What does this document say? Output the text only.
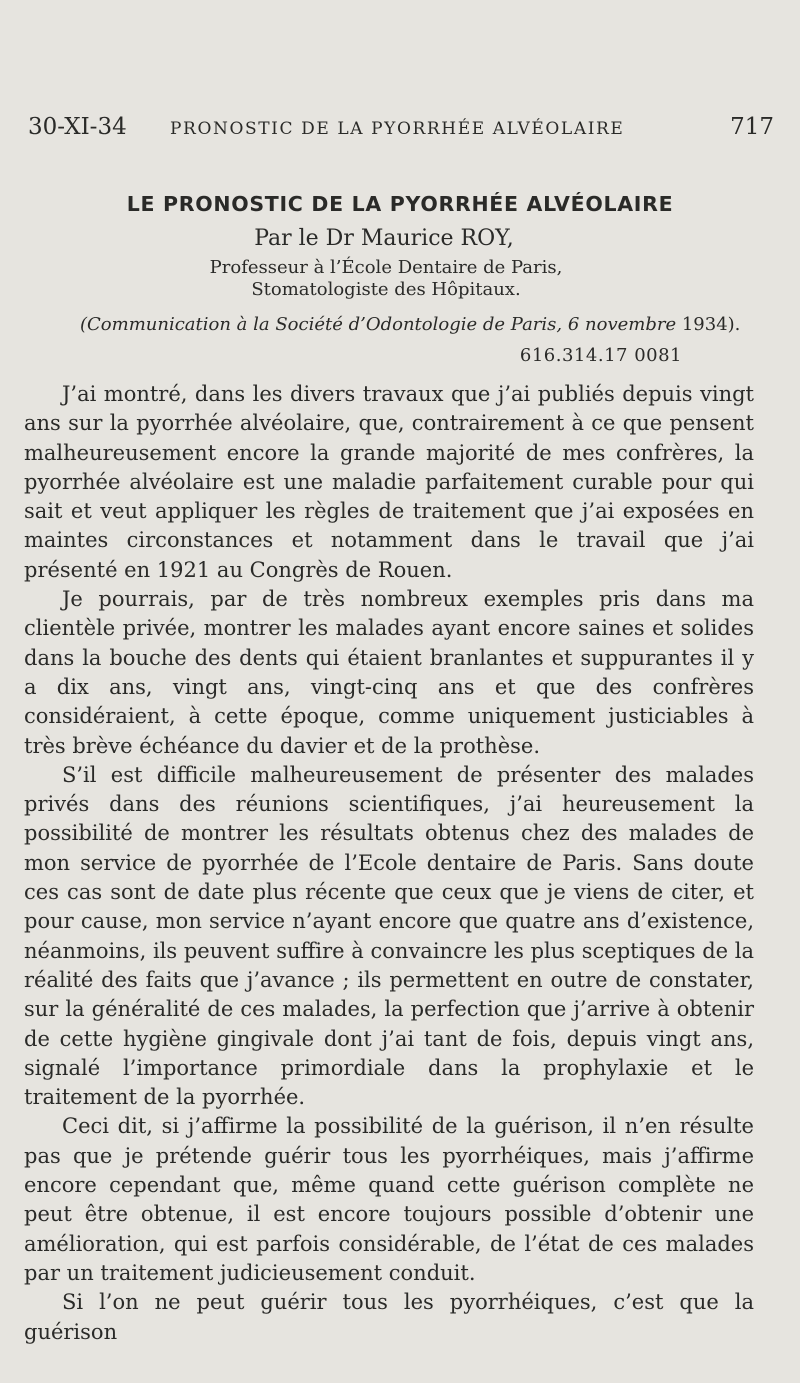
30-XI-34	PRONOSTIC DE LA PYORRHÉE ALVÉOLAIRE	717
LE PRONOSTIC DE LA PYORRHÉE ALVÉOLAIRE
Par le Dr Maurice ROY,
Professeur à l’École Dentaire de Paris,
Stomatologiste des Hôpitaux.
(Communication à la Société d’Odontologie de Paris, 6 novembre 1934).
616.314.17 0081

J’ai montré, dans les divers travaux que j’ai publiés depuis vingt ans sur la pyorrhée alvéolaire, que, contrairement à ce que pensent malheureusement encore la grande majorité de mes confrères, la pyorrhée alvéolaire est une maladie parfaitement curable pour qui sait et veut appliquer les règles de traitement que j’ai exposées en maintes circonstances et notamment dans le travail que j’ai présenté en 1921 au Congrès de Rouen.

Je pourrais, par de très nombreux exemples pris dans ma clientèle privée, montrer les malades ayant encore saines et solides dans la bouche des dents qui étaient branlantes et suppurantes il y a dix ans, vingt ans, vingt-cinq ans et que des confrères considéraient, à cette époque, comme uniquement justiciables à très brève échéance du davier et de la prothèse.

S’il est difficile malheureusement de présenter des malades privés dans des réunions scientifiques, j’ai heureusement la possibilité de montrer les résultats obtenus chez des malades de mon service de pyorrhée de l’Ecole dentaire de Paris. Sans doute ces cas sont de date plus récente que ceux que je viens de citer, et pour cause, mon service n’ayant encore que quatre ans d’existence, néanmoins, ils peuvent suffire à convaincre les plus sceptiques de la réalité des faits que j’avance ; ils permettent en outre de constater, sur la généralité de ces malades, la perfection que j’arrive à obtenir de cette hygiène gingivale dont j’ai tant de fois, depuis vingt ans, signalé l’importance primordiale dans la prophylaxie et le traitement de la pyorrhée.

Ceci dit, si j’affirme la possibilité de la guérison, il n’en résulte pas que je prétende guérir tous les pyorrhéiques, mais j’affirme encore cependant que, même quand cette guérison complète ne peut être obtenue, il est encore toujours possible d’obtenir une amélioration, qui est parfois considérable, de l’état de ces malades par un traitement judicieusement conduit.

Si l’on ne peut guérir tous les pyorrhéiques, c’est que la guérison
